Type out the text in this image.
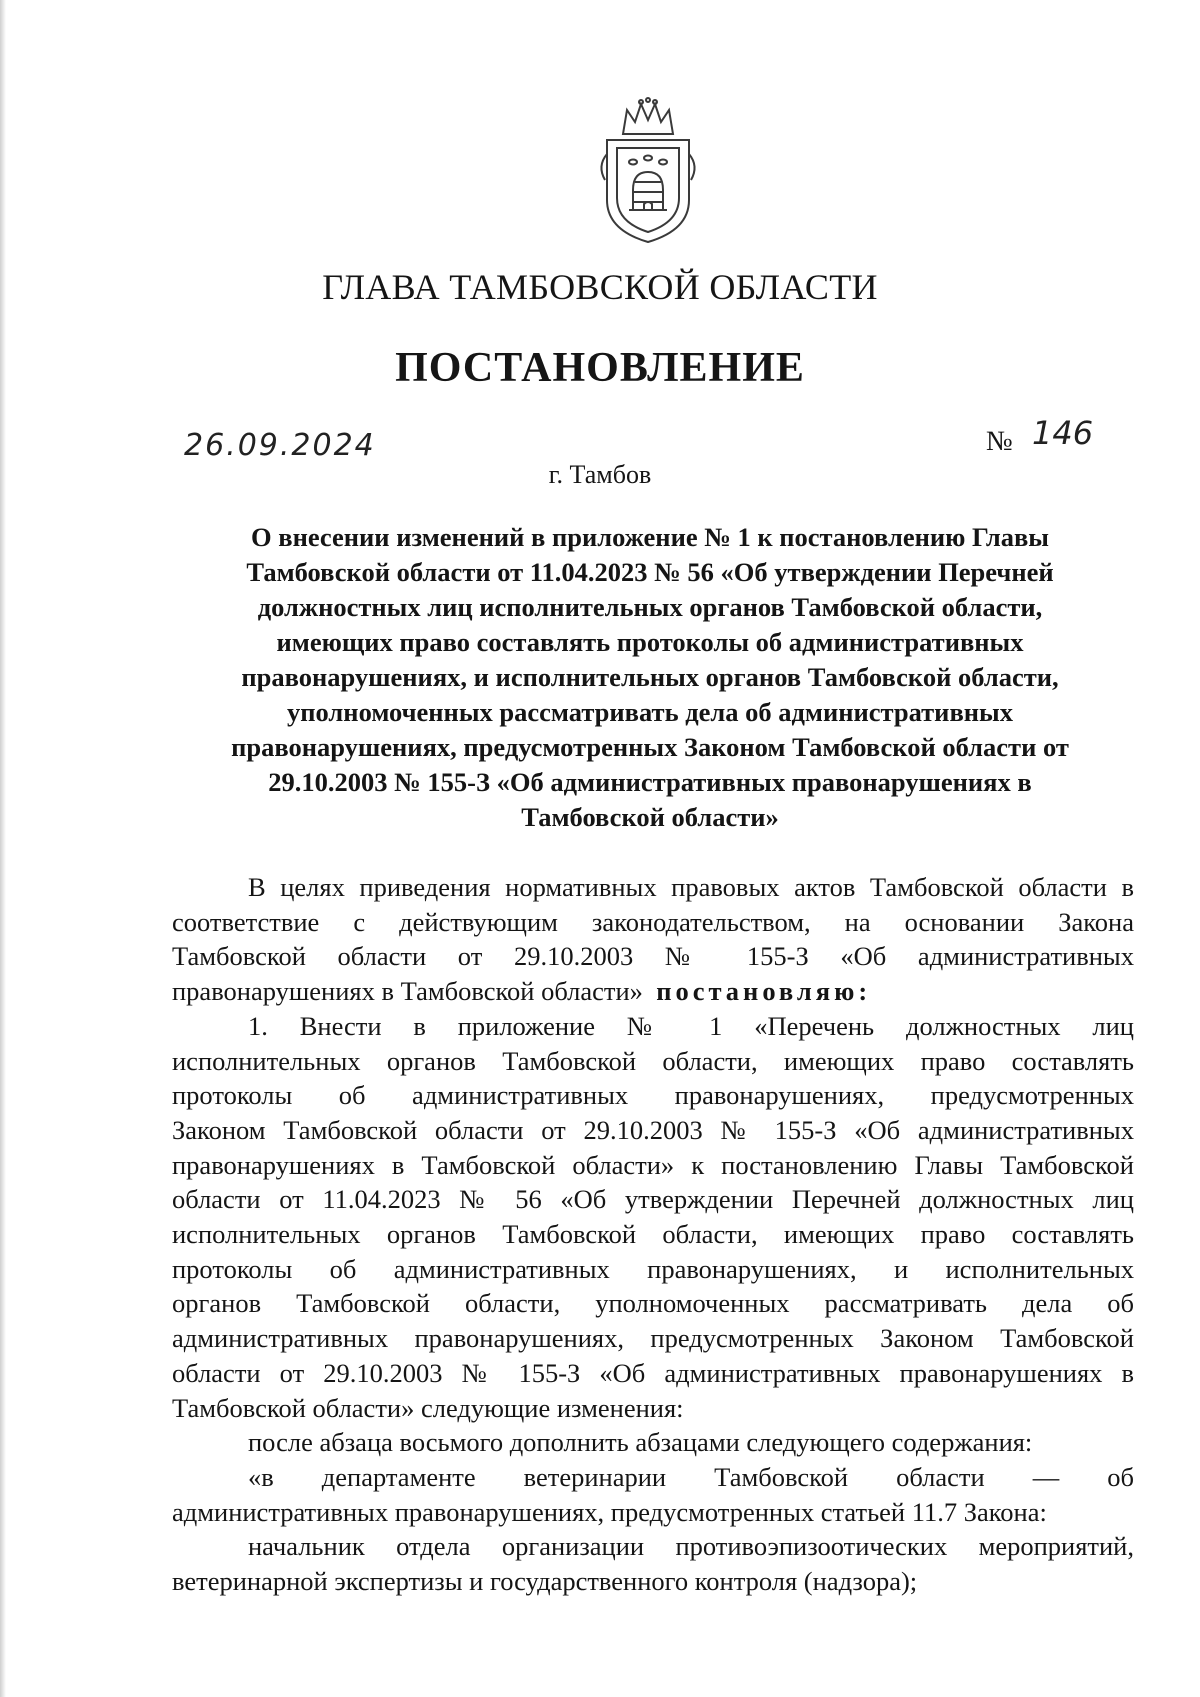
ГЛАВА ТАМБОВСКОЙ ОБЛАСТИ
ПОСТАНОВЛЕНИЕ
26.09.2024	№ 146
г. Тамбов
О внесении изменений в приложение № 1 к постановлению Главы
Тамбовской области от 11.04.2023 № 56 «Об утверждении Перечней
должностных лиц исполнительных органов Тамбовской области,
имеющих право составлять протоколы об административных
правонарушениях, и исполнительных органов Тамбовской области,
уполномоченных рассматривать дела об административных
правонарушениях, предусмотренных Законом Тамбовской области от
29.10.2003 № 155-З «Об административных правонарушениях в
Тамбовской области»
В целях приведения нормативных правовых актов Тамбовской области в
соответствие с действующим законодательством, на основании Закона
Тамбовской области от 29.10.2003 № 155-З «Об административных
правонарушениях в Тамбовской области» постановляю:
1. Внести в приложение № 1 «Перечень должностных лиц
исполнительных органов Тамбовской области, имеющих право составлять
протоколы об административных правонарушениях, предусмотренных
Законом Тамбовской области от 29.10.2003 № 155-З «Об административных
правонарушениях в Тамбовской области» к постановлению Главы Тамбовской
области от 11.04.2023 № 56 «Об утверждении Перечней должностных лиц
исполнительных органов Тамбовской области, имеющих право составлять
протоколы об административных правонарушениях, и исполнительных
органов Тамбовской области, уполномоченных рассматривать дела об
административных правонарушениях, предусмотренных Законом Тамбовской
области от 29.10.2003 № 155-З «Об административных правонарушениях в
Тамбовской области» следующие изменения:
после абзаца восьмого дополнить абзацами следующего содержания:
«в департаменте ветеринарии Тамбовской области — об
административных правонарушениях, предусмотренных статьей 11.7 Закона:
начальник отдела организации противоэпизоотических мероприятий,
ветеринарной экспертизы и государственного контроля (надзора);
